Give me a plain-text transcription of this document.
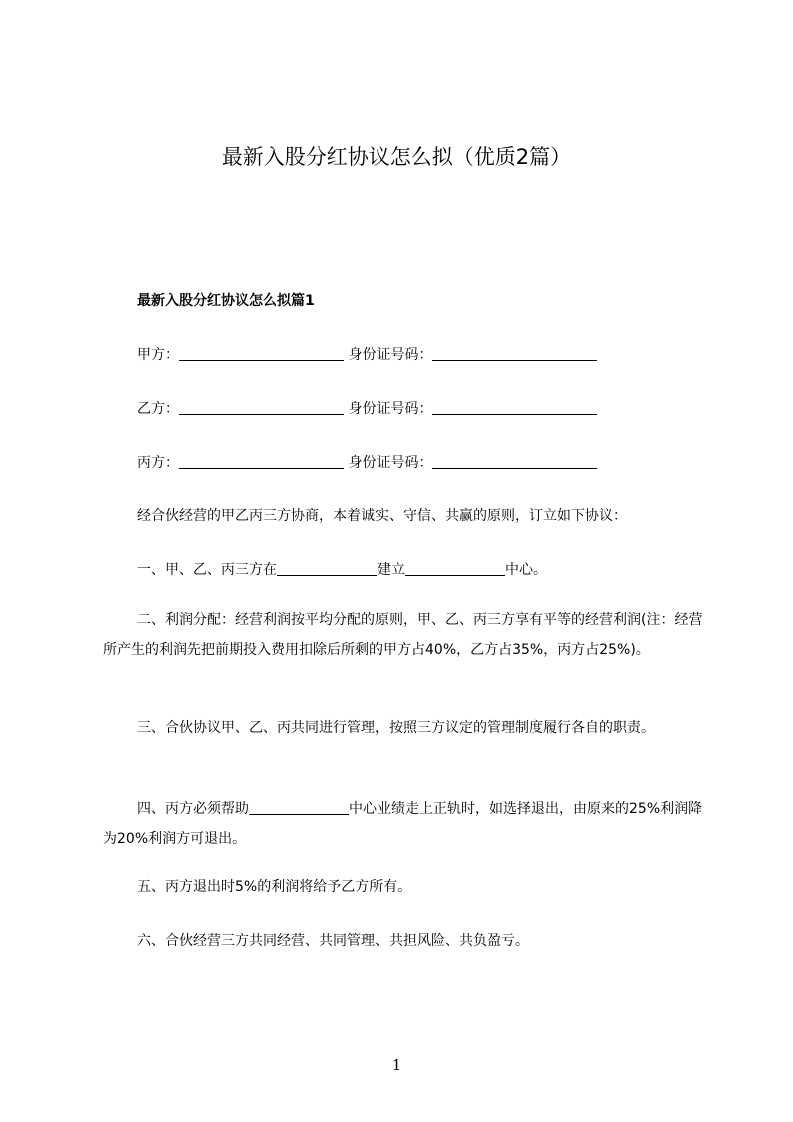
最新入股分红协议怎么拟（优质2篇）
最新入股分红协议怎么拟篇1
甲方：	身份证号码：
乙方：	身份证号码：
丙方：	身份证号码：
经合伙经营的甲乙丙三方协商，本着诚实、守信、共赢的原则，订立如下协议：
一、甲、乙、丙三方在	建立	中心。
二、利润分配：经营利润按平均分配的原则，甲、乙、丙三方享有平等的经营利润(注：经营所产生的利润先把前期投入费用扣除后所剩的甲方占40%，乙方占35%，丙方占25%)。
三、合伙协议甲、乙、丙共同进行管理，按照三方议定的管理制度履行各自的职责。
四、丙方必须帮助	中心业绩走上正轨时，如选择退出，由原来的25%利润降为20%利润方可退出。
五、丙方退出时5%的利润将给予乙方所有。
六、合伙经营三方共同经营、共同管理、共担风险、共负盈亏。
1
